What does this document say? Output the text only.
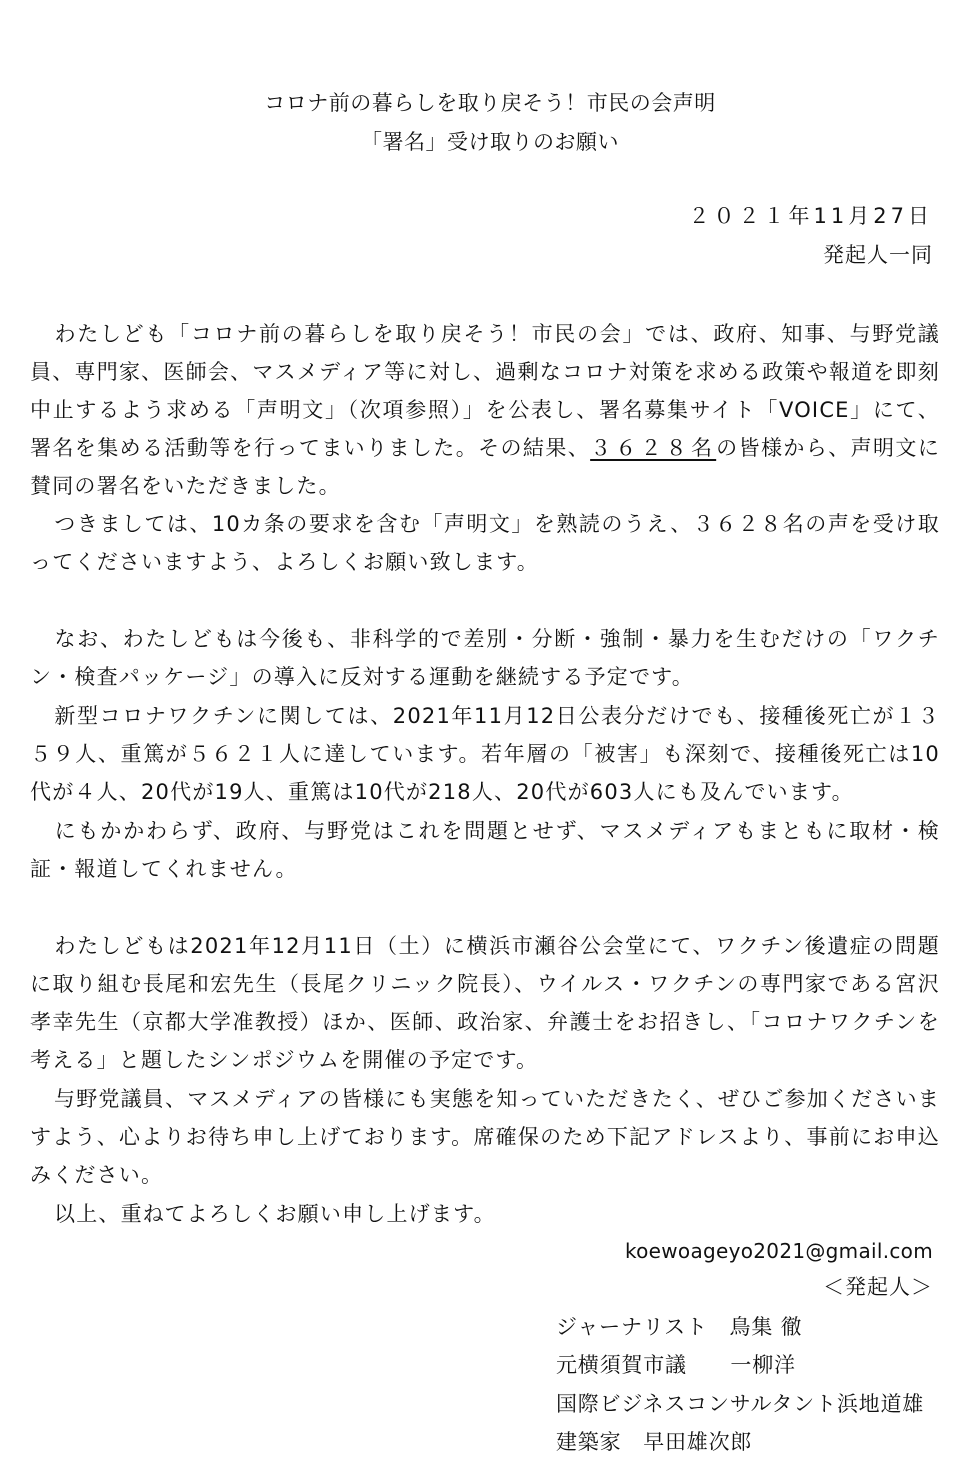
コロナ前の暮らしを取り戻そう！市民の会声明
「署名」受け取りのお願い
２０２１年11月27日
発起人一同
わたしども「コロナ前の暮らしを取り戻そう！市民の会」では、政府、知事、与野党議員、専門家、医師会、マスメディア等に対し、過剰なコロナ対策を求める政策や報道を即刻中止するよう求める「声明文」（次項参照）」を公表し、署名募集サイト「VOICE」にて、署名を集める活動等を行ってまいりました。その結果、３６２８名の皆様から、声明文に賛同の署名をいただきました。
つきましては、10カ条の要求を含む「声明文」を熟読のうえ、３６２８名の声を受け取ってくださいますよう、よろしくお願い致します。
なお、わたしどもは今後も、非科学的で差別・分断・強制・暴力を生むだけの「ワクチン・検査パッケージ」の導入に反対する運動を継続する予定です。
新型コロナワクチンに関しては、2021年11月12日公表分だけでも、接種後死亡が１３５９人、重篤が５６２１人に達しています。若年層の「被害」も深刻で、接種後死亡は10代が４人、20代が19人、重篤は10代が218人、20代が603人にも及んでいます。
にもかかわらず、政府、与野党はこれを問題とせず、マスメディアもまともに取材・検証・報道してくれません。
わたしどもは2021年12月11日（土）に横浜市瀬谷公会堂にて、ワクチン後遺症の問題に取り組む長尾和宏先生（長尾クリニック院長）、ウイルス・ワクチンの専門家である宮沢孝幸先生（京都大学准教授）ほか、医師、政治家、弁護士をお招きし、「コロナワクチンを考える」と題したシンポジウムを開催の予定です。
与野党議員、マスメディアの皆様にも実態を知っていただきたく、ぜひご参加くださいますよう、心よりお待ち申し上げております。席確保のため下記アドレスより、事前にお申込みください。
以上、重ねてよろしくお願い申し上げます。
koewoageyo2021@gmail.com
＜発起人＞
ジャーナリスト　鳥集 徹
元横須賀市議　　一柳洋
国際ビジネスコンサルタント浜地道雄
建築家　早田雄次郎
